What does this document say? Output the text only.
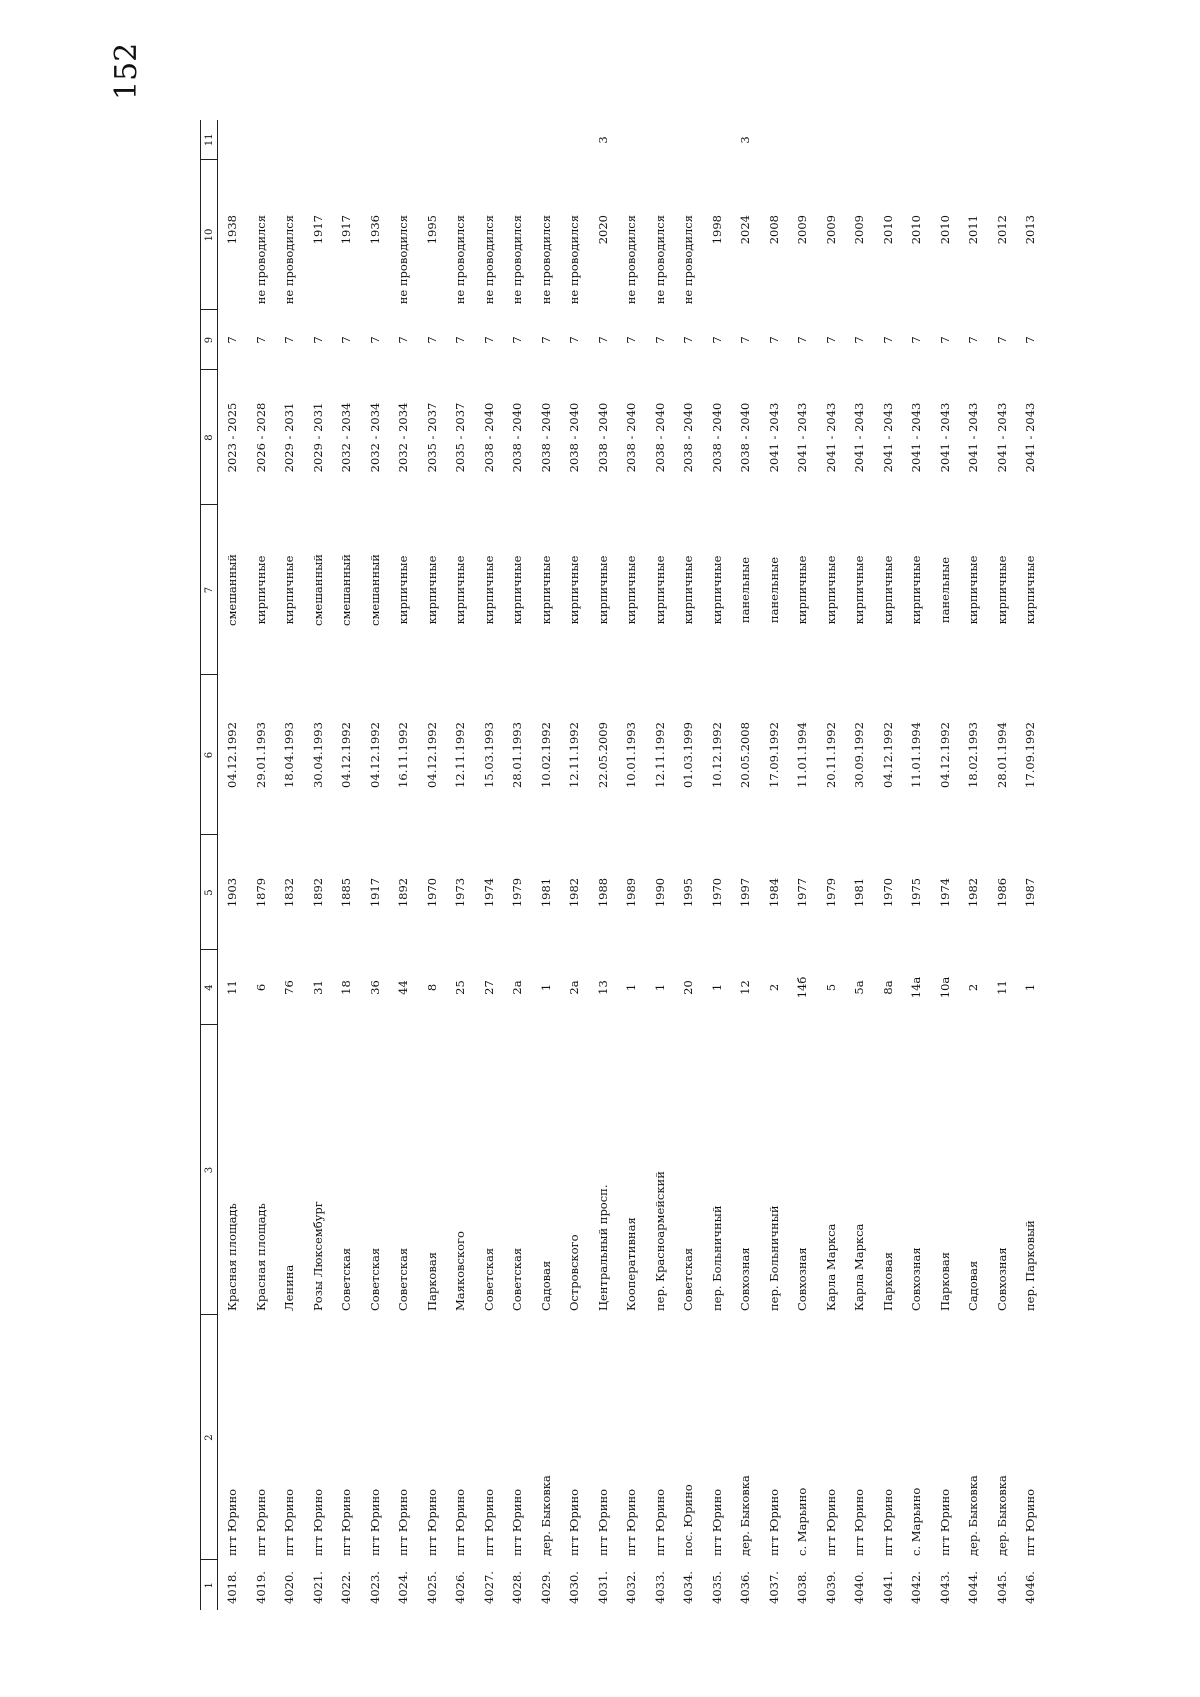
152
1	2	3	4	5	6	7	8	9	10	11
4018.	пгт Юрино	Красная площадь	11	1903	04.12.1992	смешанный	2023 - 2025	7	1938	
4019.	пгт Юрино	Красная площадь	6	1879	29.01.1993	кирпичные	2026 - 2028	7	не проводился	
4020.	пгт Юрино	Ленина	76	1832	18.04.1993	кирпичные	2029 - 2031	7	не проводился	
4021.	пгт Юрино	Розы Люксембург	31	1892	30.04.1993	смешанный	2029 - 2031	7	1917	
4022.	пгт Юрино	Советская	18	1885	04.12.1992	смешанный	2032 - 2034	7	1917	
4023.	пгт Юрино	Советская	36	1917	04.12.1992	смешанный	2032 - 2034	7	1936	
4024.	пгт Юрино	Советская	44	1892	16.11.1992	кирпичные	2032 - 2034	7	не проводился	
4025.	пгт Юрино	Парковая	8	1970	04.12.1992	кирпичные	2035 - 2037	7	1995	
4026.	пгт Юрино	Маяковского	25	1973	12.11.1992	кирпичные	2035 - 2037	7	не проводился	
4027.	пгт Юрино	Советская	27	1974	15.03.1993	кирпичные	2038 - 2040	7	не проводился	
4028.	пгт Юрино	Советская	2а	1979	28.01.1993	кирпичные	2038 - 2040	7	не проводился	
4029.	дер. Быковка	Садовая	1	1981	10.02.1992	кирпичные	2038 - 2040	7	не проводился	
4030.	пгт Юрино	Островского	2а	1982	12.11.1992	кирпичные	2038 - 2040	7	не проводился	
4031.	пгт Юрино	Центральный просп.	13	1988	22.05.2009	кирпичные	2038 - 2040	7	2020	3
4032.	пгт Юрино	Кооперативная	1	1989	10.01.1993	кирпичные	2038 - 2040	7	не проводился	
4033.	пгт Юрино	пер. Красноармейский	1	1990	12.11.1992	кирпичные	2038 - 2040	7	не проводился	
4034.	пос. Юрино	Советская	20	1995	01.03.1999	кирпичные	2038 - 2040	7	не проводился	
4035.	пгт Юрино	пер. Больничный	1	1970	10.12.1992	кирпичные	2038 - 2040	7	1998	
4036.	дер. Быковка	Совхозная	12	1997	20.05.2008	панельные	2038 - 2040	7	2024	3
4037.	пгт Юрино	пер. Больничный	2	1984	17.09.1992	панельные	2041 - 2043	7	2008	
4038.	с. Марьино	Совхозная	14б	1977	11.01.1994	кирпичные	2041 - 2043	7	2009	
4039.	пгт Юрино	Карла Маркса	5	1979	20.11.1992	кирпичные	2041 - 2043	7	2009	
4040.	пгт Юрино	Карла Маркса	5а	1981	30.09.1992	кирпичные	2041 - 2043	7	2009	
4041.	пгт Юрино	Парковая	8а	1970	04.12.1992	кирпичные	2041 - 2043	7	2010	
4042.	с. Марьино	Совхозная	14а	1975	11.01.1994	кирпичные	2041 - 2043	7	2010	
4043.	пгт Юрино	Парковая	10а	1974	04.12.1992	панельные	2041 - 2043	7	2010	
4044.	дер. Быковка	Садовая	2	1982	18.02.1993	кирпичные	2041 - 2043	7	2011	
4045.	дер. Быковка	Совхозная	11	1986	28.01.1994	кирпичные	2041 - 2043	7	2012	
4046.	пгт Юрино	пер. Парковый	1	1987	17.09.1992	кирпичные	2041 - 2043	7	2013	
